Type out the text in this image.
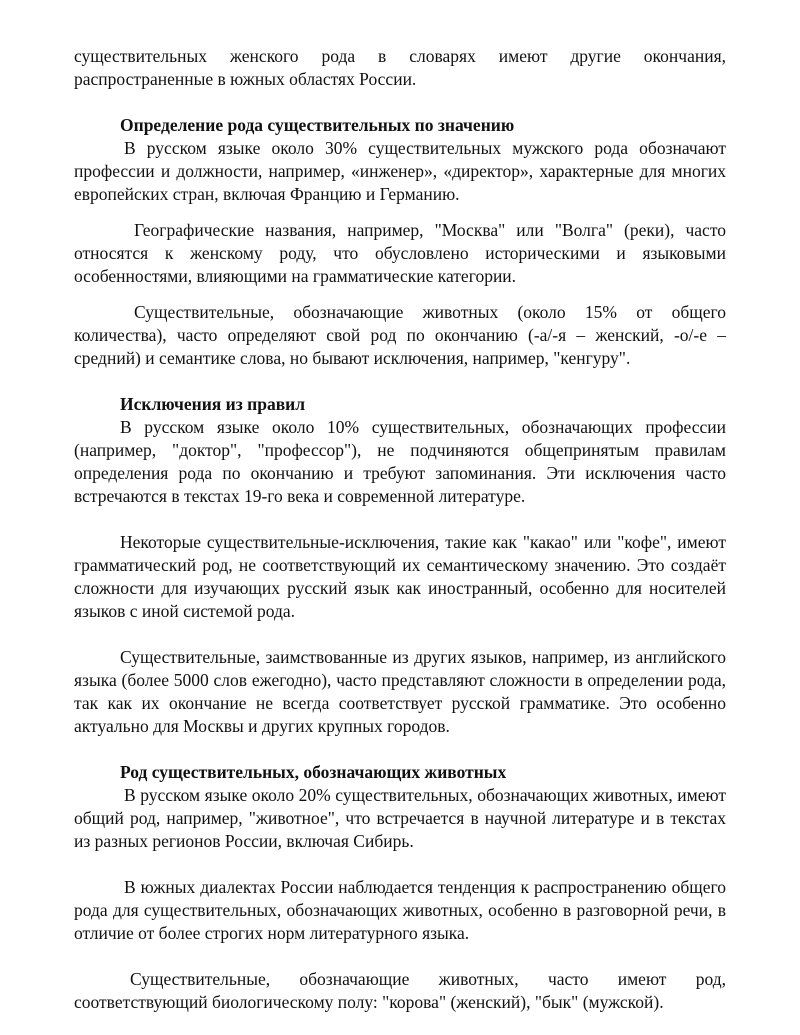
существительных женского рода в словарях имеют другие окончания, распространенные в южных областях России.

Определение рода существительных по значению

В русском языке около 30% существительных мужского рода обозначают профессии и должности, например, «инженер», «директор», характерные для многих европейских стран, включая Францию и Германию.

Географические названия, например, "Москва" или "Волга" (реки), часто относятся к женскому роду, что обусловлено историческими и языковыми особенностями, влияющими на грамматические категории.

Существительные, обозначающие животных (около 15% от общего количества), часто определяют свой род по окончанию (-а/-я – женский, -о/-е – средний) и семантике слова, но бывают исключения, например, "кенгуру".

Исключения из правил

В русском языке около 10% существительных, обозначающих профессии (например, "доктор", "профессор"), не подчиняются общепринятым правилам определения рода по окончанию и требуют запоминания. Эти исключения часто встречаются в текстах 19-го века и современной литературе.

Некоторые существительные-исключения, такие как "какао" или "кофе", имеют грамматический род, не соответствующий их семантическому значению. Это создаёт сложности для изучающих русский язык как иностранный, особенно для носителей языков с иной системой рода.

Существительные, заимствованные из других языков, например, из английского языка (более 5000 слов ежегодно), часто представляют сложности в определении рода, так как их окончание не всегда соответствует русской грамматике. Это особенно актуально для Москвы и других крупных городов.

Род существительных, обозначающих животных

В русском языке около 20% существительных, обозначающих животных, имеют общий род, например, "животное", что встречается в научной литературе и в текстах из разных регионов России, включая Сибирь.

В южных диалектах России наблюдается тенденция к распространению общего рода для существительных, обозначающих животных, особенно в разговорной речи, в отличие от более строгих норм литературного языка.

Существительные, обозначающие животных, часто имеют род, соответствующий биологическому полу: "корова" (женский), "бык" (мужской).
